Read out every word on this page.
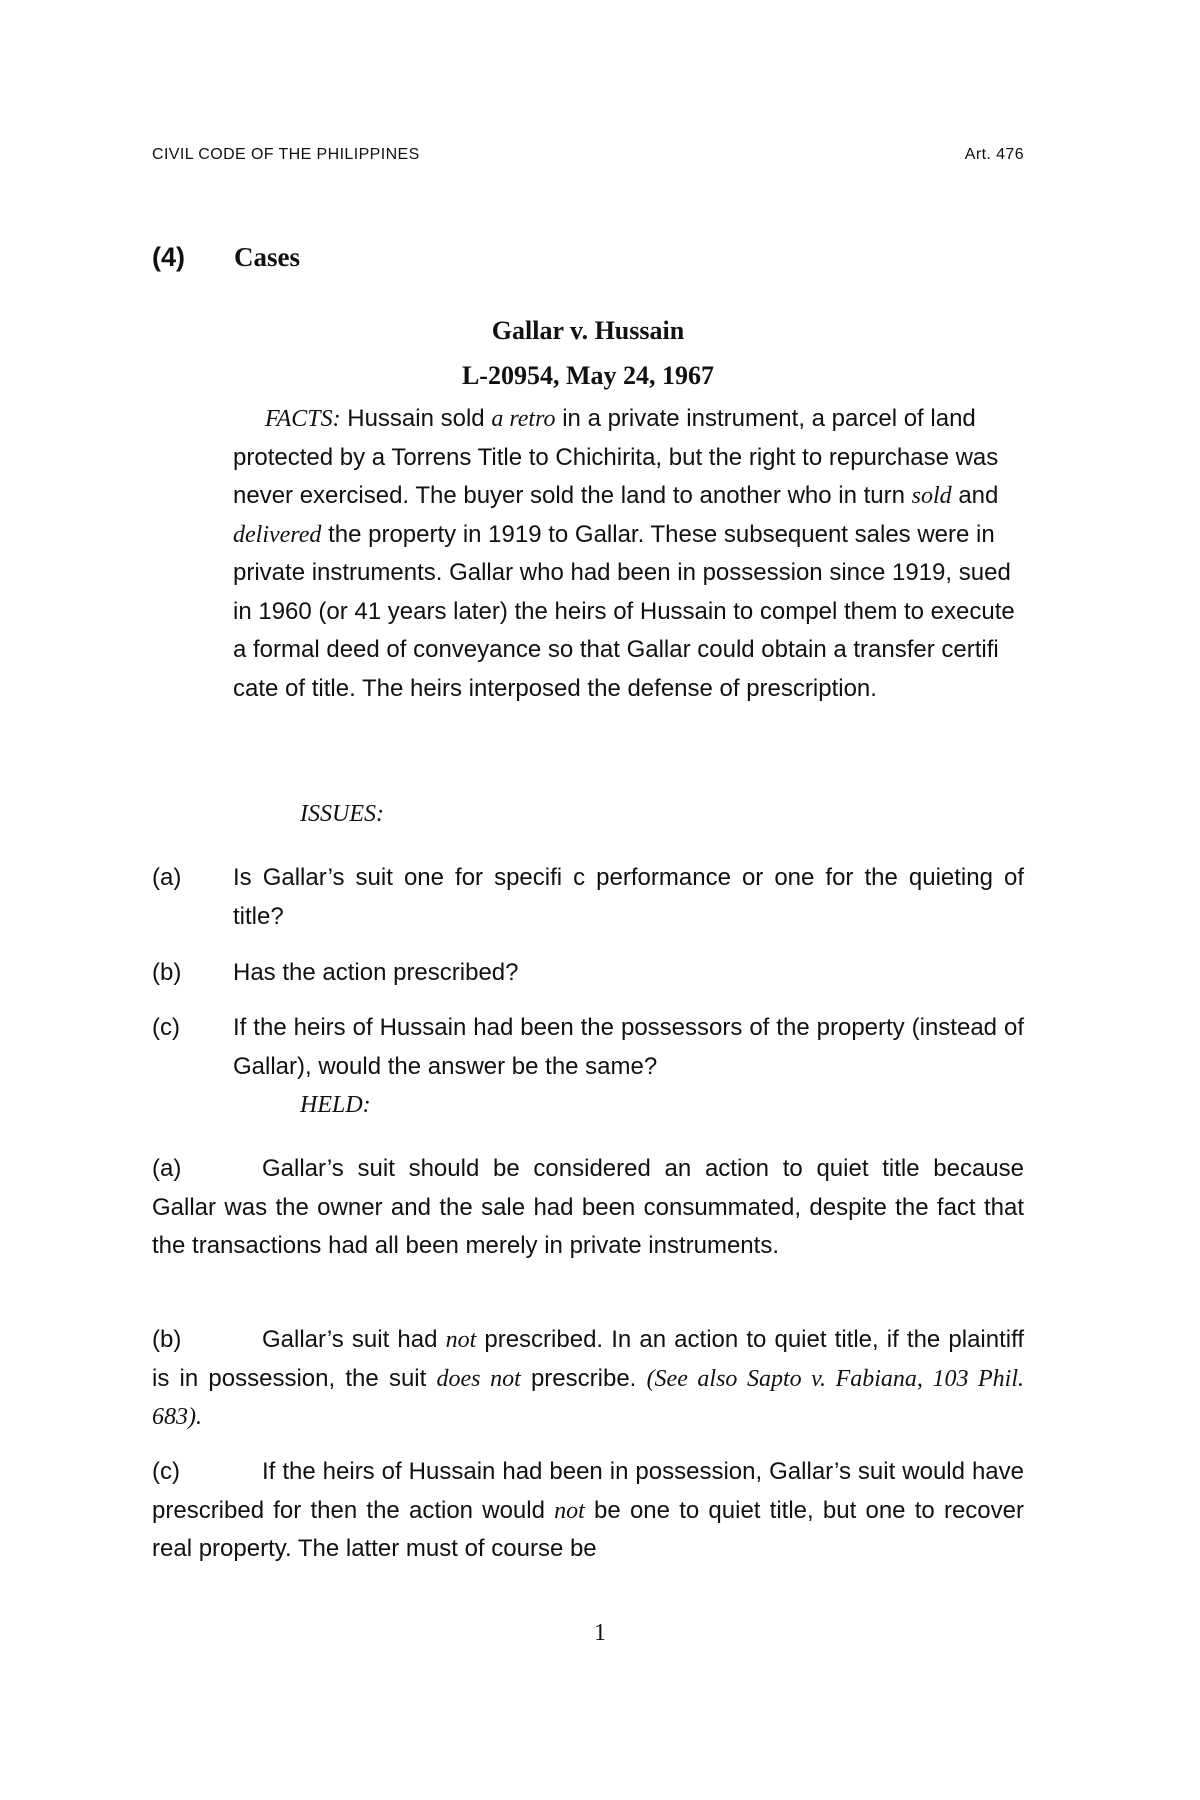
CIVIL CODE OF THE PHILIPPINES	Art. 476
(4) Cases
Gallar v. Hussain
L-20954, May 24, 1967

FACTS: Hussain sold a retro in a private instrument, a parcel of land protected by a Torrens Title to Chichirita, but the right to repurchase was never exercised. The buyer sold the land to another who in turn sold and delivered the property in 1919 to Gallar. These subsequent sales were in private instruments. Gallar who had been in possession since 1919, sued in 1960 (or 41 years later) the heirs of Hussain to compel them to execute a formal deed of conveyance so that Gallar could obtain a transfer certifi cate of title. The heirs interposed the defense of prescription.

ISSUES:

(a)	Is Gallar’s suit one for specifi c performance or one for the quieting of title?

(b)	Has the action prescribed?

(c)	If the heirs of Hussain had been the possessors of the property (instead of Gallar), would the answer be the same?

HELD:

(a)	Gallar’s suit should be considered an action to quiet title because Gallar was the owner and the sale had been consummated, despite the fact that the transactions had all been merely in private instruments.

(b)	Gallar’s suit had not prescribed. In an action to quiet title, if the plaintiff is in possession, the suit does not prescribe. (See also Sapto v. Fabiana, 103 Phil. 683).

(c)	If the heirs of Hussain had been in possession, Gallar’s suit would have prescribed for then the action would not be one to quiet title, but one to recover real property. The latter must of course be

1
